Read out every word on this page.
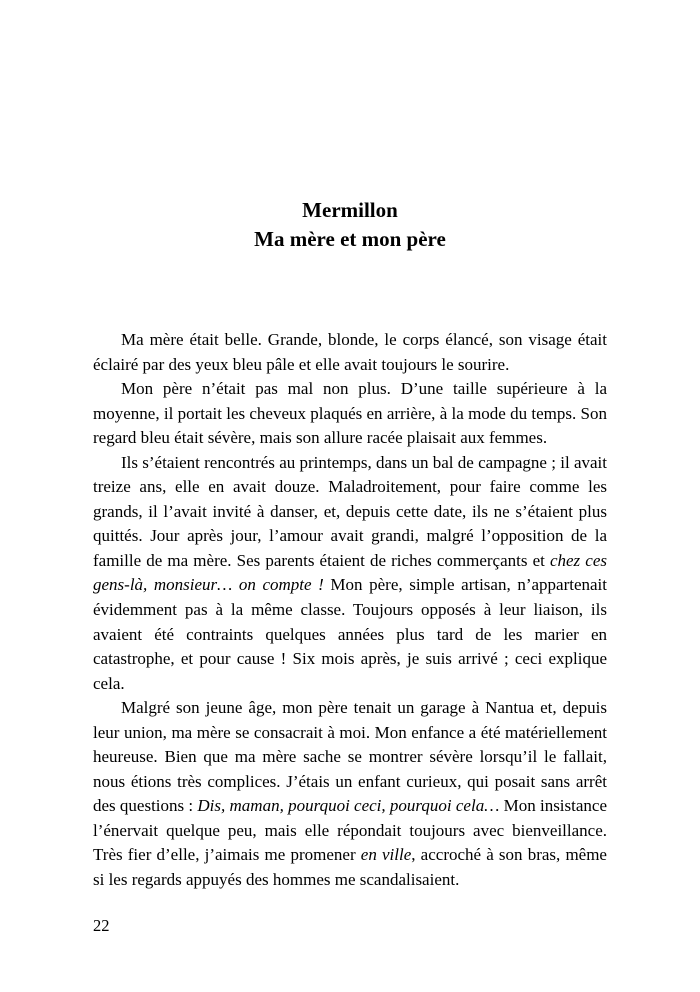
Mermillon
Ma mère et mon père

Ma mère était belle. Grande, blonde, le corps élancé, son visage était éclairé par des yeux bleu pâle et elle avait toujours le sourire.

Mon père n’était pas mal non plus. D’une taille supérieure à la moyenne, il portait les cheveux plaqués en arrière, à la mode du temps. Son regard bleu était sévère, mais son allure racée plaisait aux femmes.

Ils s’étaient rencontrés au printemps, dans un bal de campagne ; il avait treize ans, elle en avait douze. Maladroitement, pour faire comme les grands, il l’avait invité à danser, et, depuis cette date, ils ne s’étaient plus quittés. Jour après jour, l’amour avait grandi, malgré l’opposition de la famille de ma mère. Ses parents étaient de riches commerçants et chez ces gens-là, monsieur… on compte ! Mon père, simple artisan, n’appartenait évidemment pas à la même classe. Toujours opposés à leur liaison, ils avaient été contraints quelques années plus tard de les marier en catastrophe, et pour cause ! Six mois après, je suis arrivé ; ceci explique cela.

Malgré son jeune âge, mon père tenait un garage à Nantua et, depuis leur union, ma mère se consacrait à moi. Mon enfance a été matériellement heureuse. Bien que ma mère sache se montrer sévère lorsqu’il le fallait, nous étions très complices. J’étais un enfant curieux, qui posait sans arrêt des questions : Dis, maman, pourquoi ceci, pourquoi cela… Mon insistance l’énervait quelque peu, mais elle répondait toujours avec bienveillance. Très fier d’elle, j’aimais me promener en ville, accroché à son bras, même si les regards appuyés des hommes me scandalisaient.

22
